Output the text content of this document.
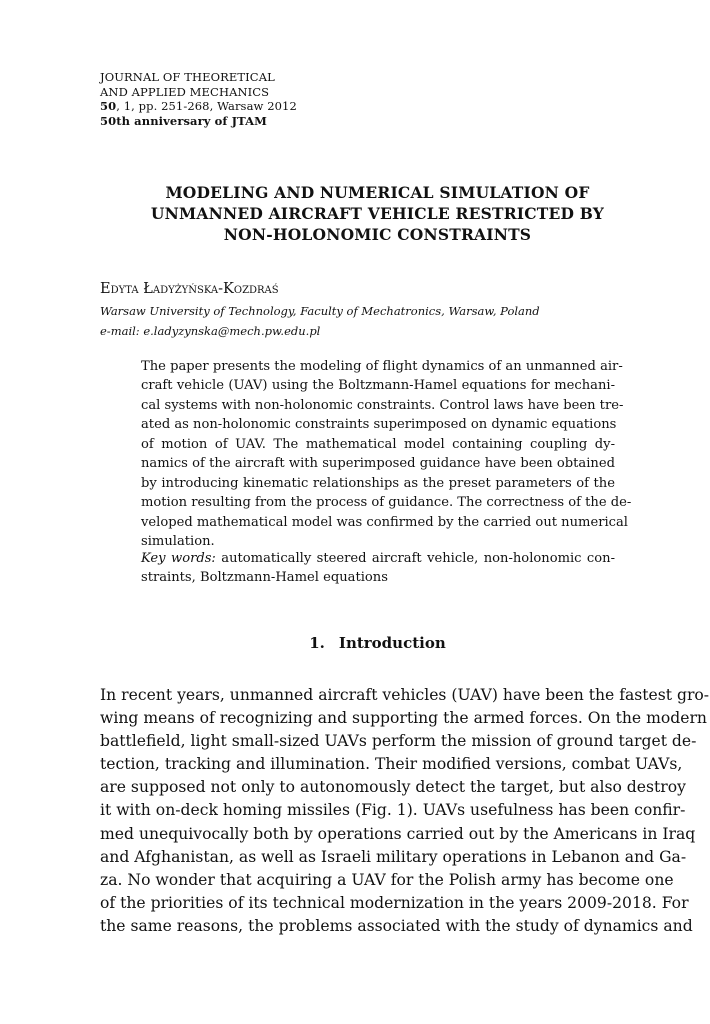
JOURNAL OF THEORETICAL
AND APPLIED MECHANICS
50, 1, pp. 251-268, Warsaw 2012
50th anniversary of JTAM
MODELING AND NUMERICAL SIMULATION OF
UNMANNED AIRCRAFT VEHICLE RESTRICTED BY
NON-HOLONOMIC CONSTRAINTS
Edyta Ładyżyńska-Kozdraś
Warsaw University of Technology, Faculty of Mechatronics, Warsaw, Poland
e-mail: e.ladyzynska@mech.pw.edu.pl
The paper presents the modeling of flight dynamics of an unmanned air-
craft vehicle (UAV) using the Boltzmann-Hamel equations for mechani-
cal systems with non-holonomic constraints. Control laws have been tre-
ated as non-holonomic constraints superimposed on dynamic equations
of motion of UAV. The mathematical model containing coupling dy-
namics of the aircraft with superimposed guidance have been obtained
by introducing kinematic relationships as the preset parameters of the
motion resulting from the process of guidance. The correctness of the de-
veloped mathematical model was confirmed by the carried out numerical
simulation.
Key words: automatically steered aircraft vehicle, non-holonomic con-
straints, Boltzmann-Hamel equations
1. Introduction
In recent years, unmanned aircraft vehicles (UAV) have been the fastest gro-
wing means of recognizing and supporting the armed forces. On the modern
battlefield, light small-sized UAVs perform the mission of ground target de-
tection, tracking and illumination. Their modified versions, combat UAVs,
are supposed not only to autonomously detect the target, but also destroy
it with on-deck homing missiles (Fig. 1). UAVs usefulness has been confir-
med unequivocally both by operations carried out by the Americans in Iraq
and Afghanistan, as well as Israeli military operations in Lebanon and Ga-
za. No wonder that acquiring a UAV for the Polish army has become one
of the priorities of its technical modernization in the years 2009-2018. For
the same reasons, the problems associated with the study of dynamics and
